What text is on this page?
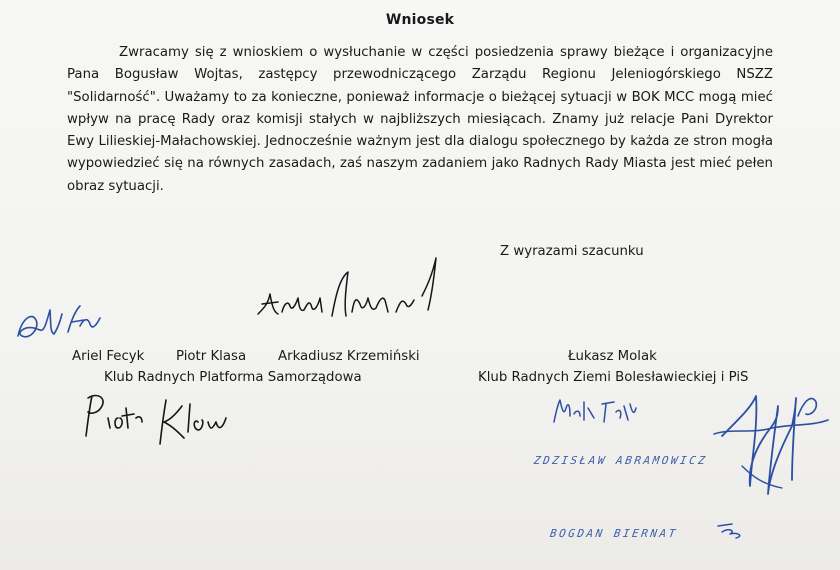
Wniosek

Zwracamy się z wnioskiem o wysłuchanie w części posiedzenia sprawy bieżące i organizacyjne Pana Bogusław Wojtas, zastępcy przewodniczącego Zarządu Regionu Jeleniogórskiego NSZZ "Solidarność". Uważamy to za konieczne, ponieważ informacje o bieżącej sytuacji w BOK MCC mogą mieć wpływ na pracę Rady oraz komisji stałych w najbliższych miesiącach. Znamy już relacje Pani Dyrektor Ewy Lilieskiej-Małachowskiej. Jednocześnie ważnym jest dla dialogu społecznego by każda ze stron mogła wypowiedzieć się na równych zasadach, zaś naszym zadaniem jako Radnych Rady Miasta jest mieć pełen obraz sytuacji.

Z wyrazami szacunku
Ariel Fecyk Piotr Klasa Arkadiusz Krzemiński
Klub Radnych Platforma Samorządowa
Łukasz Molak
Klub Radnych Ziemi Bolesławieckiej i PiS
ZDZISŁAW ABRAMOWICZ
BOGDAN BIERNAT
